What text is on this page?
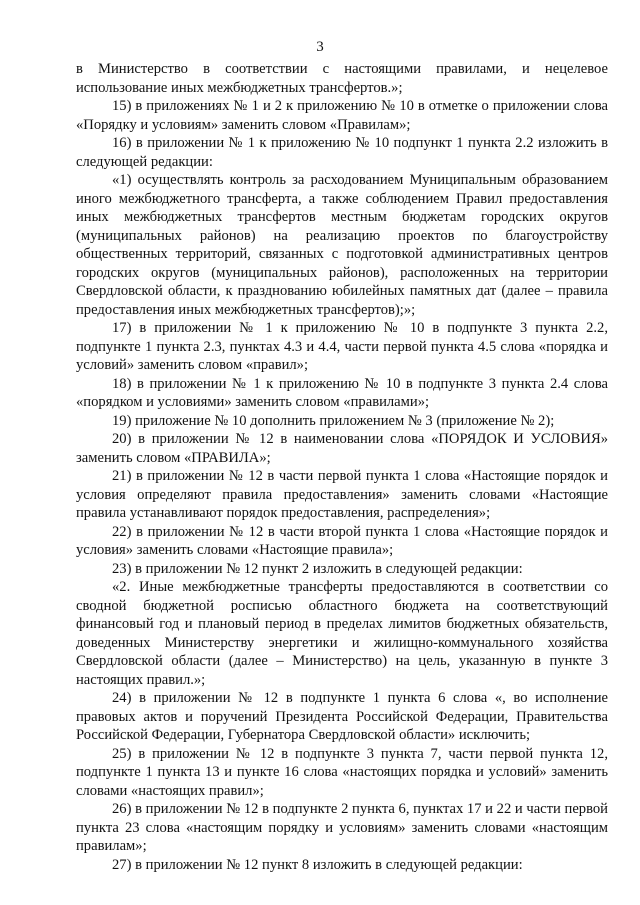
3

в Министерство в соответствии с настоящими правилами, и нецелевое использование иных межбюджетных трансфертов.»;

15) в приложениях № 1 и 2 к приложению № 10 в отметке о приложении слова «Порядку и условиям» заменить словом «Правилам»;

16) в приложении № 1 к приложению № 10 подпункт 1 пункта 2.2 изложить в следующей редакции:

«1) осуществлять контроль за расходованием Муниципальным образованием иного межбюджетного трансферта, а также соблюдением Правил предоставления иных межбюджетных трансфертов местным бюджетам городских округов (муниципальных районов) на реализацию проектов по благоустройству общественных территорий, связанных с подготовкой административных центров городских округов (муниципальных районов), расположенных на территории Свердловской области, к празднованию юбилейных памятных дат (далее – правила предоставления иных межбюджетных трансфертов);»;

17) в приложении № 1 к приложению № 10 в подпункте 3 пункта 2.2, подпункте 1 пункта 2.3, пунктах 4.3 и 4.4, части первой пункта 4.5 слова «порядка и условий» заменить словом «правил»;

18) в приложении № 1 к приложению № 10 в подпункте 3 пункта 2.4 слова «порядком и условиями» заменить словом «правилами»;

19) приложение № 10 дополнить приложением № 3 (приложение № 2);

20) в приложении № 12 в наименовании слова «ПОРЯДОК И УСЛОВИЯ» заменить словом «ПРАВИЛА»;

21) в приложении № 12 в части первой пункта 1 слова «Настоящие порядок и условия определяют правила предоставления» заменить словами «Настоящие правила устанавливают порядок предоставления, распределения»;

22) в приложении № 12 в части второй пункта 1 слова «Настоящие порядок и условия» заменить словами «Настоящие правила»;

23) в приложении № 12 пункт 2 изложить в следующей редакции:

«2. Иные межбюджетные трансферты предоставляются в соответствии со сводной бюджетной росписью областного бюджета на соответствующий финансовый год и плановый период в пределах лимитов бюджетных обязательств, доведенных Министерству энергетики и жилищно-коммунального хозяйства Свердловской области (далее – Министерство) на цель, указанную в пункте 3 настоящих правил.»;

24) в приложении № 12 в подпункте 1 пункта 6 слова «, во исполнение правовых актов и поручений Президента Российской Федерации, Правительства Российской Федерации, Губернатора Свердловской области» исключить;

25) в приложении № 12 в подпункте 3 пункта 7, части первой пункта 12, подпункте 1 пункта 13 и пункте 16 слова «настоящих порядка и условий» заменить словами «настоящих правил»;

26) в приложении № 12 в подпункте 2 пункта 6, пунктах 17 и 22 и части первой пункта 23 слова «настоящим порядку и условиям» заменить словами «настоящим правилам»;

27) в приложении № 12 пункт 8 изложить в следующей редакции:
